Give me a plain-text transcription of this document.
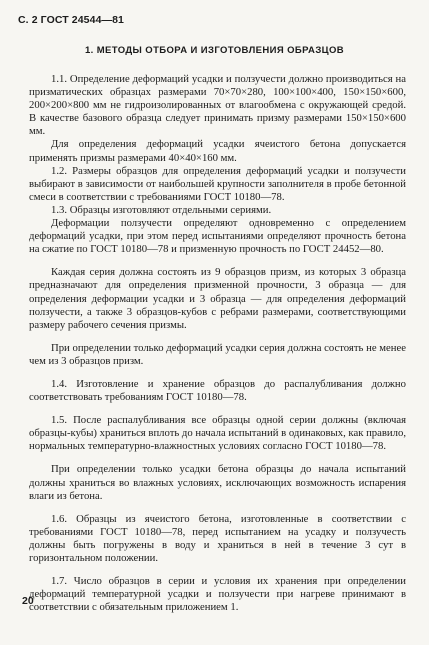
С. 2 ГОСТ 24544—81
1. МЕТОДЫ ОТБОРА И ИЗГОТОВЛЕНИЯ ОБРАЗЦОВ

1.1. Определение деформаций усадки и ползучести должно производиться на призматических образцах размерами 70×70×280, 100×100×400, 150×150×600, 200×200×800 мм не гидроизолированных от влагообмена с окружающей средой. В качестве базового образца следует принимать призму размерами 150×150×600 мм.

Для определения деформаций усадки ячеистого бетона допускается применять призмы размерами 40×40×160 мм.

1.2. Размеры образцов для определения деформаций усадки и ползучести выбирают в зависимости от наибольшей крупности заполнителя в пробе бетонной смеси в соответствии с требованиями ГОСТ 10180—78.

1.3. Образцы изготовляют отдельными сериями.

Деформации ползучести определяют одновременно с определением деформаций усадки, при этом перед испытаниями определяют прочность бетона на сжатие по ГОСТ 10180—78 и призменную прочность по ГОСТ 24452—80.

Каждая серия должна состоять из 9 образцов призм, из которых 3 образца предназначают для определения призменной прочности, 3 образца — для определения деформации усадки и 3 образца — для определения деформаций ползучести, а также 3 образцов-кубов с ребрами размерами, соответствующими размеру рабочего сечения призмы.

При определении только деформаций усадки серия должна состоять не менее чем из 3 образцов призм.

1.4. Изготовление и хранение образцов до распалубливания должно соответствовать требованиям ГОСТ 10180—78.

1.5. После распалубливания все образцы одной серии должны (включая образцы-кубы) храниться вплоть до начала испытаний в одинаковых, как правило, нормальных температурно-влажностных условиях согласно ГОСТ 10180—78.

При определении только усадки бетона образцы до начала испытаний должны храниться во влажных условиях, исключающих возможность испарения влаги из бетона.

1.6. Образцы из ячеистого бетона, изготовленные в соответствии с требованиями ГОСТ 10180—78, перед испытанием на усадку и ползучесть должны быть погружены в воду и храниться в ней в течение 3 сут в горизонтальном положении.

1.7. Число образцов в серии и условия их хранения при определении деформаций температурной усадки и ползучести при нагреве принимают в соответствии с обязательным приложением 1.

20
